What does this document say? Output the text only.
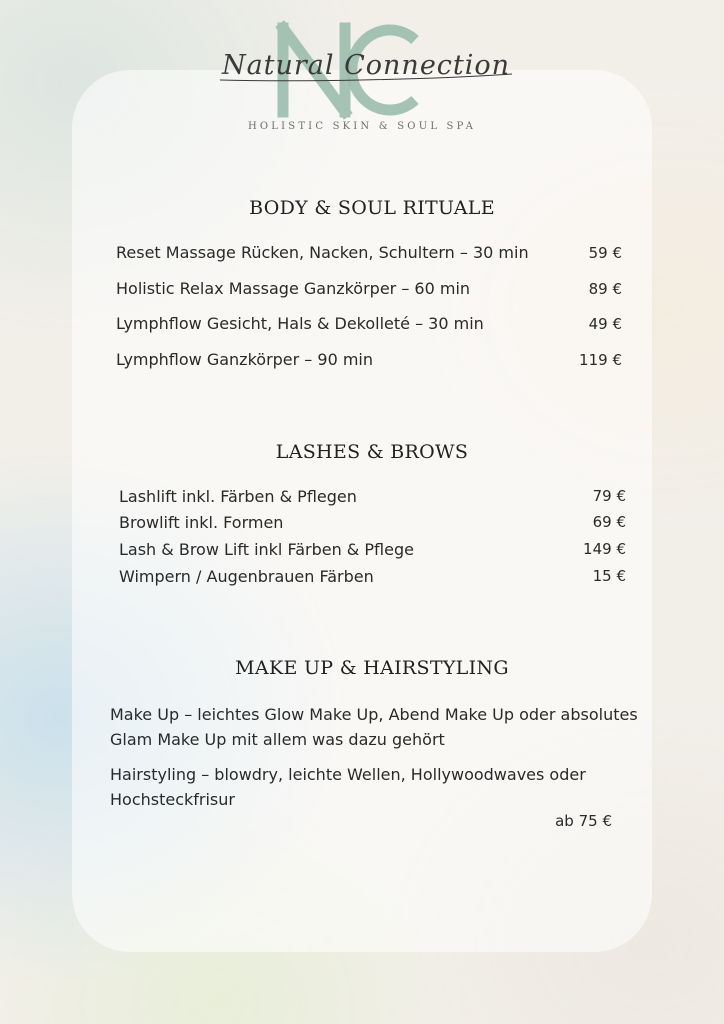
Natural Connection
HOLISTIC SKIN & SOUL SPA
BODY & SOUL RITUALE
Reset Massage Rücken, Nacken, Schultern – 30 min	59 €
Holistic Relax Massage Ganzkörper – 60 min	89 €
Lymphflow Gesicht, Hals & Dekolleté – 30 min	49 €
Lymphflow Ganzkörper – 90 min	119 €
LASHES & BROWS
Lashlift inkl. Färben & Pflegen	79 €
Browlift inkl. Formen	69 €
Lash & Brow Lift inkl Färben & Pflege	149 €
Wimpern / Augenbrauen Färben	15 €
MAKE UP & HAIRSTYLING
Make Up – leichtes Glow Make Up, Abend Make Up oder absolutes Glam Make Up mit allem was dazu gehört
Hairstyling – blowdry, leichte Wellen, Hollywoodwaves oder Hochsteckfrisur
ab 75 €
